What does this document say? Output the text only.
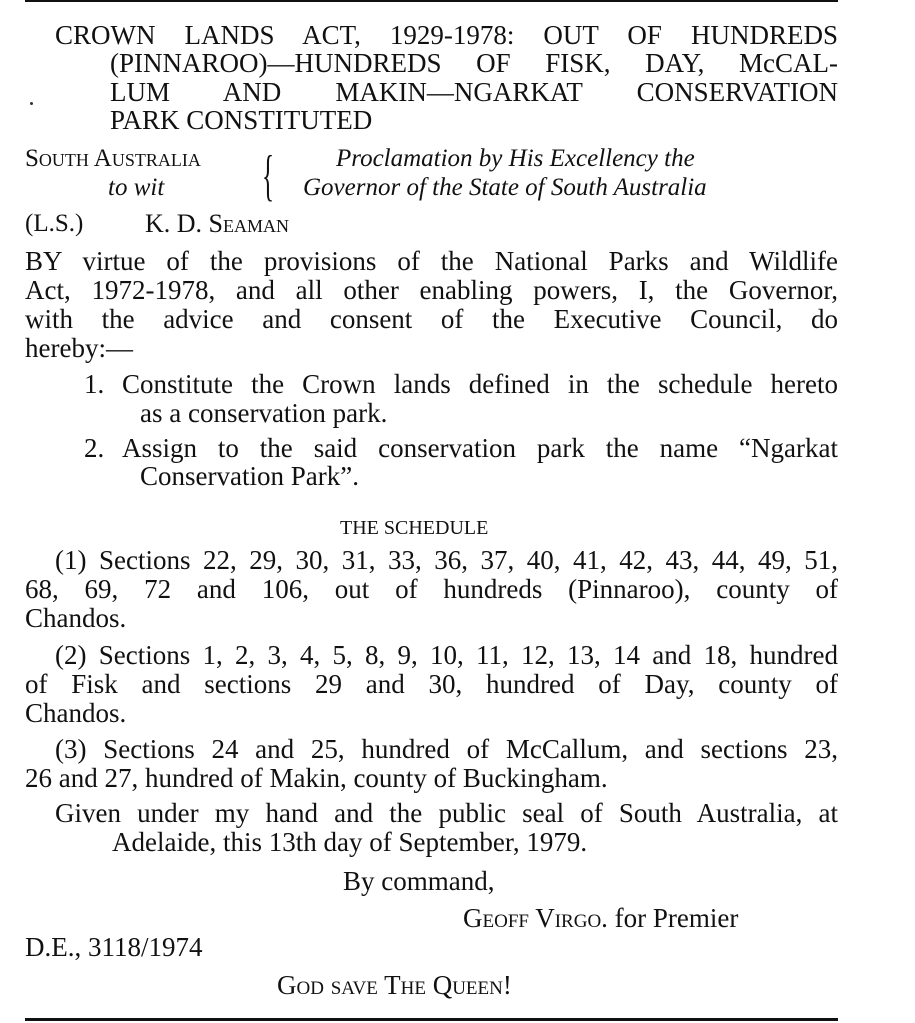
CROWN LANDS ACT, 1929-1978: OUT OF HUNDREDS
(PINNAROO)—HUNDREDS OF FISK, DAY, McCAL-
LUM AND MAKIN—NGARKAT CONSERVATION
PARK CONSTITUTED
South Australia
to wit { Proclamation by His Excellency the
Governor of the State of South Australia
(L.S.) K. D. Seaman
BY virtue of the provisions of the National Parks and Wildlife
Act, 1972-1978, and all other enabling powers, I, the Governor,
with the advice and consent of the Executive Council, do
hereby:—
1. Constitute the Crown lands defined in the schedule hereto
as a conservation park.
2. Assign to the said conservation park the name “Ngarkat
Conservation Park”.
THE SCHEDULE
(1) Sections 22, 29, 30, 31, 33, 36, 37, 40, 41, 42, 43, 44, 49, 51,
68, 69, 72 and 106, out of hundreds (Pinnaroo), county of
Chandos.
(2) Sections 1, 2, 3, 4, 5, 8, 9, 10, 11, 12, 13, 14 and 18, hundred
of Fisk and sections 29 and 30, hundred of Day, county of
Chandos.
(3) Sections 24 and 25, hundred of McCallum, and sections 23,
26 and 27, hundred of Makin, county of Buckingham.
Given under my hand and the public seal of South Australia, at
Adelaide, this 13th day of September, 1979.
By command,
Geoff Virgo. for Premier
D.E., 3118/1974
God save The Queen!
